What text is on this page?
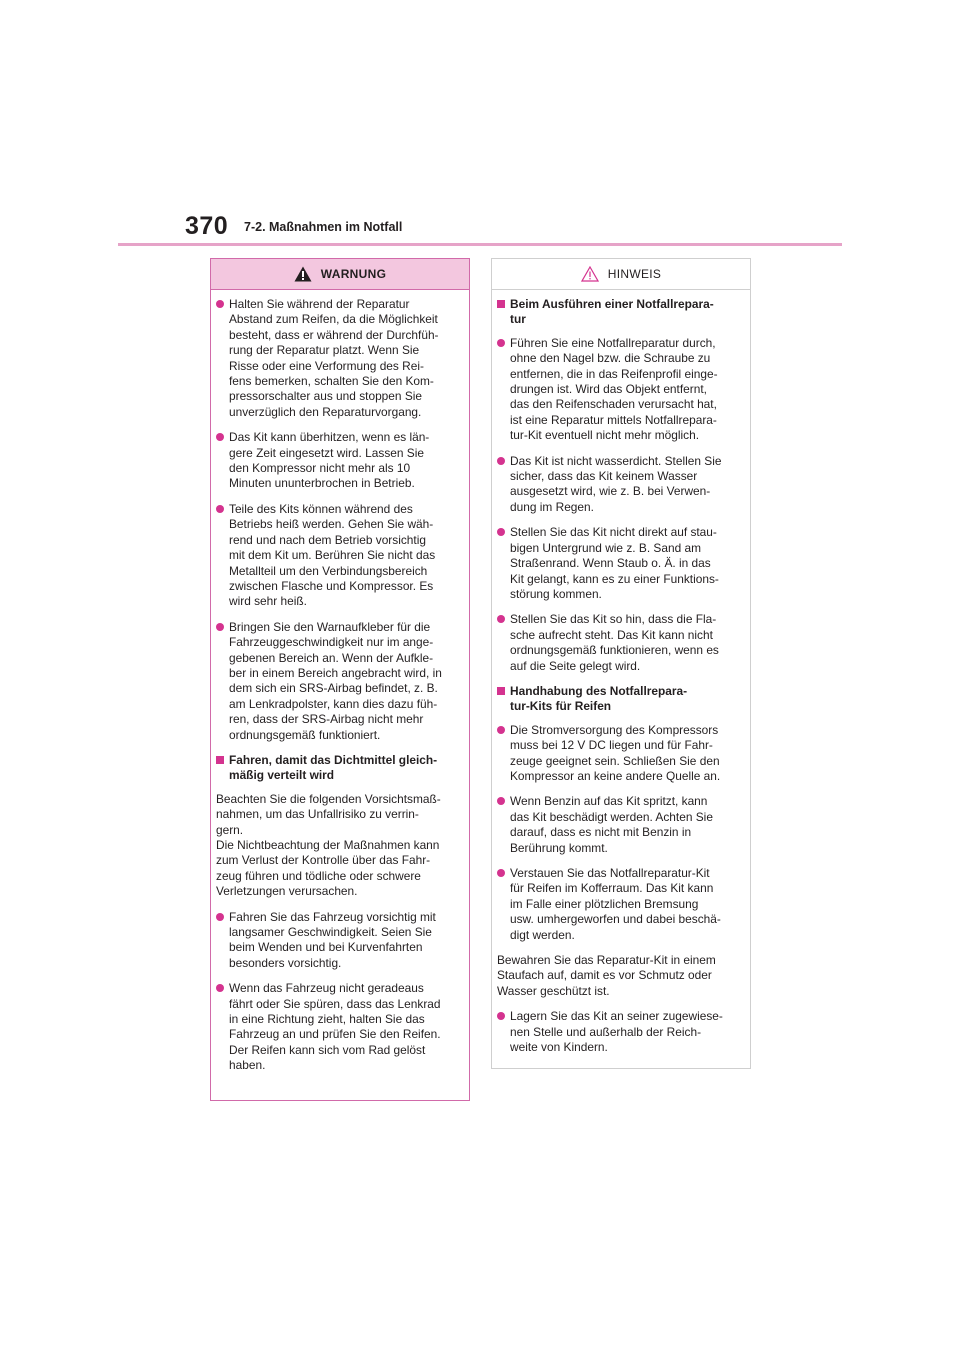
370 7-2. Maßnahmen im Notfall
WARNUNG
Halten Sie während der Reparatur
Abstand zum Reifen, da die Möglichkeit
besteht, dass er während der Durchfüh-
rung der Reparatur platzt. Wenn Sie
Risse oder eine Verformung des Rei-
fens bemerken, schalten Sie den Kom-
pressorschalter aus und stoppen Sie
unverzüglich den Reparaturvorgang.
Das Kit kann überhitzen, wenn es län-
gere Zeit eingesetzt wird. Lassen Sie
den Kompressor nicht mehr als 10
Minuten ununterbrochen in Betrieb.
Teile des Kits können während des
Betriebs heiß werden. Gehen Sie wäh-
rend und nach dem Betrieb vorsichtig
mit dem Kit um. Berühren Sie nicht das
Metallteil um den Verbindungsbereich
zwischen Flasche und Kompressor. Es
wird sehr heiß.
Bringen Sie den Warnaufkleber für die
Fahrzeuggeschwindigkeit nur im ange-
gebenen Bereich an. Wenn der Aufkle-
ber in einem Bereich angebracht wird, in
dem sich ein SRS-Airbag befindet, z. B.
am Lenkradpolster, kann dies dazu füh-
ren, dass der SRS-Airbag nicht mehr
ordnungsgemäß funktioniert.
Fahren, damit das Dichtmittel gleich-
mäßig verteilt wird
Beachten Sie die folgenden Vorsichtsmaß-
nahmen, um das Unfallrisiko zu verrin-
gern.
Die Nichtbeachtung der Maßnahmen kann
zum Verlust der Kontrolle über das Fahr-
zeug führen und tödliche oder schwere
Verletzungen verursachen.
Fahren Sie das Fahrzeug vorsichtig mit
langsamer Geschwindigkeit. Seien Sie
beim Wenden und bei Kurvenfahrten
besonders vorsichtig.
Wenn das Fahrzeug nicht geradeaus
fährt oder Sie spüren, dass das Lenkrad
in eine Richtung zieht, halten Sie das
Fahrzeug an und prüfen Sie den Reifen.
Der Reifen kann sich vom Rad gelöst
haben.
HINWEIS
Beim Ausführen einer Notfallrepara-
tur
Führen Sie eine Notfallreparatur durch,
ohne den Nagel bzw. die Schraube zu
entfernen, die in das Reifenprofil einge-
drungen ist. Wird das Objekt entfernt,
das den Reifenschaden verursacht hat,
ist eine Reparatur mittels Notfallrepara-
tur-Kit eventuell nicht mehr möglich.
Das Kit ist nicht wasserdicht. Stellen Sie
sicher, dass das Kit keinem Wasser
ausgesetzt wird, wie z. B. bei Verwen-
dung im Regen.
Stellen Sie das Kit nicht direkt auf stau-
bigen Untergrund wie z. B. Sand am
Straßenrand. Wenn Staub o. Ä. in das
Kit gelangt, kann es zu einer Funktions-
störung kommen.
Stellen Sie das Kit so hin, dass die Fla-
sche aufrecht steht. Das Kit kann nicht
ordnungsgemäß funktionieren, wenn es
auf die Seite gelegt wird.
Handhabung des Notfallrepara-
tur-Kits für Reifen
Die Stromversorgung des Kompressors
muss bei 12 V DC liegen und für Fahr-
zeuge geeignet sein. Schließen Sie den
Kompressor an keine andere Quelle an.
Wenn Benzin auf das Kit spritzt, kann
das Kit beschädigt werden. Achten Sie
darauf, dass es nicht mit Benzin in
Berührung kommt.
Verstauen Sie das Notfallreparatur-Kit
für Reifen im Kofferraum. Das Kit kann
im Falle einer plötzlichen Bremsung
usw. umhergeworfen und dabei beschä-
digt werden.
Bewahren Sie das Reparatur-Kit in einem
Staufach auf, damit es vor Schmutz oder
Wasser geschützt ist.
Lagern Sie das Kit an seiner zugewiese-
nen Stelle und außerhalb der Reich-
weite von Kindern.
